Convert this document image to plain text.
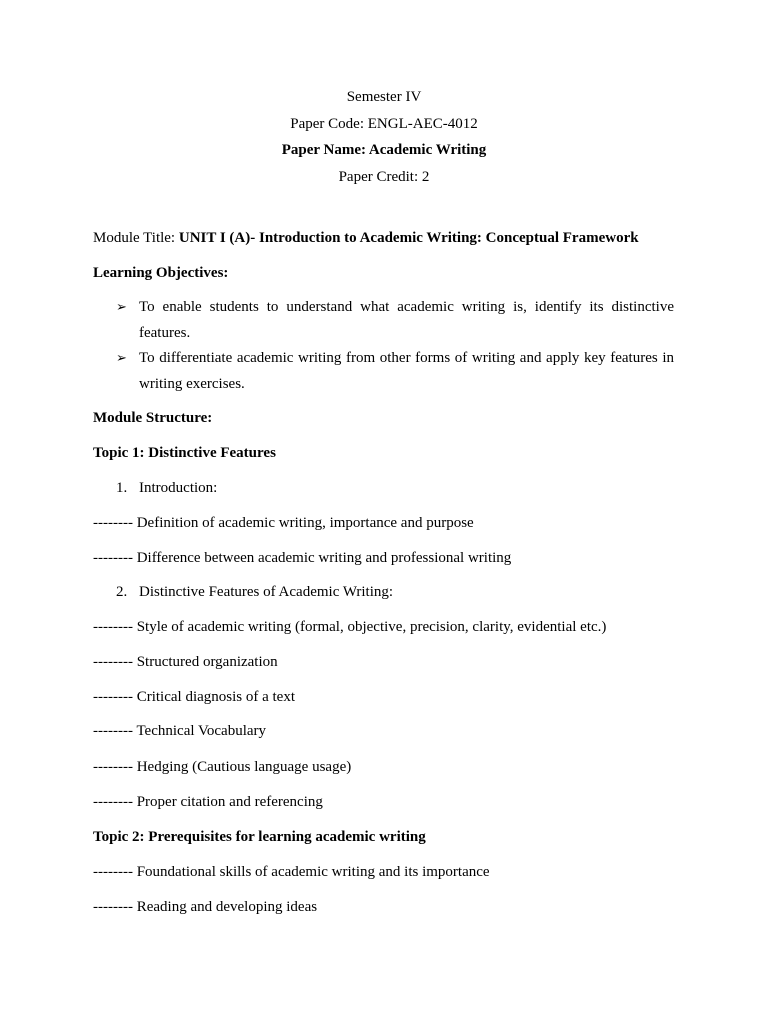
Semester IV
Paper Code: ENGL-AEC-4012
Paper Name: Academic Writing
Paper Credit: 2
Module Title: UNIT I (A)- Introduction to Academic Writing: Conceptual Framework
Learning Objectives:
➢ To enable students to understand what academic writing is, identify its distinctive
features.
➢ To differentiate academic writing from other forms of writing and apply key features in
writing exercises.
Module Structure:
Topic 1: Distinctive Features
1. Introduction:
-------- Definition of academic writing, importance and purpose
-------- Difference between academic writing and professional writing
2. Distinctive Features of Academic Writing:
-------- Style of academic writing (formal, objective, precision, clarity, evidential etc.)
-------- Structured organization
-------- Critical diagnosis of a text
-------- Technical Vocabulary
-------- Hedging (Cautious language usage)
-------- Proper citation and referencing
Topic 2: Prerequisites for learning academic writing
-------- Foundational skills of academic writing and its importance
-------- Reading and developing ideas
